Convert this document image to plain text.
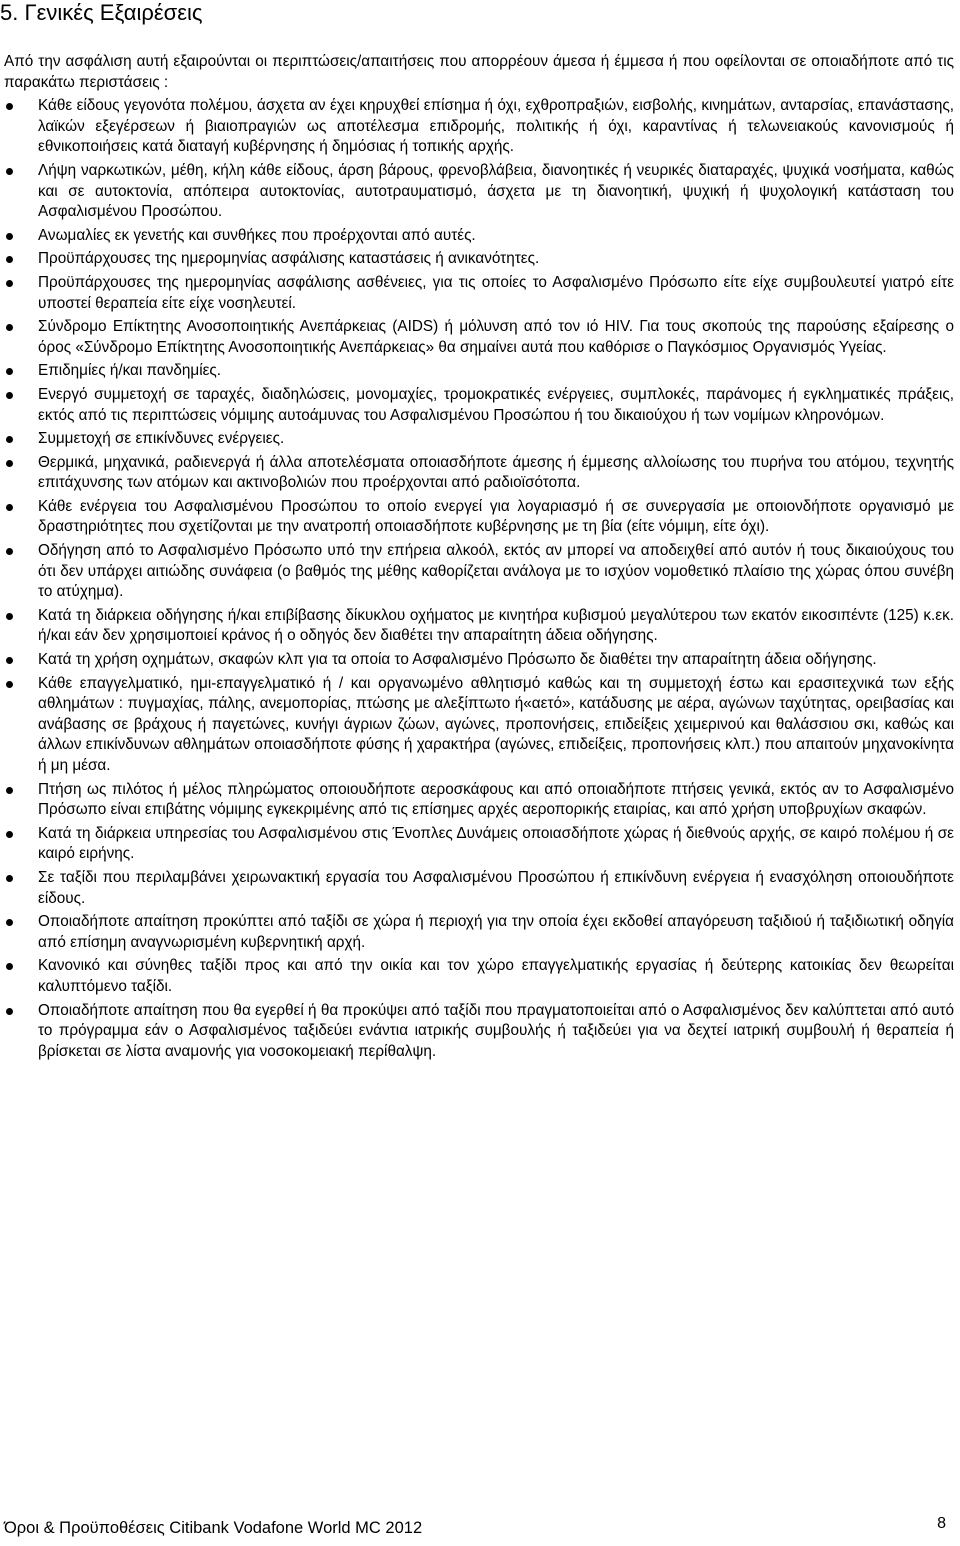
5. Γενικές Εξαιρέσεις

Από την ασφάλιση αυτή εξαιρούνται οι περιπτώσεις/απαιτήσεις που απορρέουν άμεσα ή έμμεσα ή που οφείλονται σε οποιαδήποτε από τις παρακάτω περιστάσεις :

Κάθε είδους γεγονότα πολέμου, άσχετα αν έχει κηρυχθεί επίσημα ή όχι, εχθροπραξιών, εισβολής, κινημάτων, ανταρσίας, επανάστασης, λαϊκών εξεγέρσεων ή βιαιοπραγιών ως αποτέλεσμα επιδρομής, πολιτικής ή όχι, καραντίνας ή τελωνειακούς κανονισμούς ή εθνικοποιήσεις κατά διαταγή κυβέρνησης ή δημόσιας ή τοπικής αρχής.
Λήψη ναρκωτικών, μέθη, κήλη κάθε είδους, άρση βάρους, φρενοβλάβεια, διανοητικές ή νευρικές διαταραχές, ψυχικά νοσήματα, καθώς και σε αυτοκτονία, απόπειρα αυτοκτονίας, αυτοτραυματισμό, άσχετα με τη διανοητική, ψυχική ή ψυχολογική κατάσταση του Ασφαλισμένου Προσώπου.
Ανωμαλίες εκ γενετής και συνθήκες που προέρχονται από αυτές.
Προϋπάρχουσες της ημερομηνίας ασφάλισης καταστάσεις ή ανικανότητες.
Προϋπάρχουσες της ημερομηνίας ασφάλισης ασθένειες, για τις οποίες το Ασφαλισμένο Πρόσωπο είτε είχε συμβουλευτεί γιατρό είτε υποστεί θεραπεία είτε είχε νοσηλευτεί.
Σύνδρομο Επίκτητης Ανοσοποιητικής Ανεπάρκειας (AIDS) ή μόλυνση από τον ιό HIV. Για τους σκοπούς της παρούσης εξαίρεσης ο όρος «Σύνδρομο Επίκτητης Ανοσοποιητικής Ανεπάρκειας» θα σημαίνει αυτά που καθόρισε ο Παγκόσμιος Οργανισμός Υγείας.
Επιδημίες ή/και πανδημίες.
Ενεργό συμμετοχή σε ταραχές, διαδηλώσεις, μονομαχίες, τρομοκρατικές ενέργειες, συμπλοκές, παράνομες ή εγκληματικές πράξεις, εκτός από τις περιπτώσεις νόμιμης αυτοάμυνας του Ασφαλισμένου Προσώπου ή του δικαιούχου ή των νομίμων κληρονόμων.
Συμμετοχή σε επικίνδυνες ενέργειες.
Θερμικά, μηχανικά, ραδιενεργά ή άλλα αποτελέσματα οποιασδήποτε άμεσης ή έμμεσης αλλοίωσης του πυρήνα του ατόμου, τεχνητής επιτάχυνσης των ατόμων και ακτινοβολιών που προέρχονται από ραδιοϊσότοπα.
Κάθε ενέργεια του Ασφαλισμένου Προσώπου το οποίο ενεργεί για λογαριασμό ή σε συνεργασία με οποιονδήποτε οργανισμό με δραστηριότητες που σχετίζονται με την ανατροπή οποιασδήποτε κυβέρνησης με τη βία (είτε νόμιμη, είτε όχι).
Οδήγηση από το Ασφαλισμένο Πρόσωπο υπό την επήρεια αλκοόλ, εκτός αν μπορεί να αποδειχθεί από αυτόν ή τους δικαιούχους του ότι δεν υπάρχει αιτιώδης συνάφεια (ο βαθμός της μέθης καθορίζεται ανάλογα με το ισχύον νομοθετικό πλαίσιο της χώρας όπου συνέβη το ατύχημα).
Κατά τη διάρκεια οδήγησης ή/και επιβίβασης δίκυκλου οχήματος με κινητήρα κυβισμού μεγαλύτερου των εκατόν εικοσιπέντε (125) κ.εκ. ή/και εάν δεν χρησιμοποιεί κράνος ή ο οδηγός δεν διαθέτει την απαραίτητη άδεια οδήγησης.
Κατά τη χρήση οχημάτων, σκαφών κλπ για τα οποία το Ασφαλισμένο Πρόσωπο δε διαθέτει την απαραίτητη άδεια οδήγησης.
Κάθε επαγγελματικό, ημι-επαγγελματικό ή / και οργανωμένο αθλητισμό καθώς και τη συμμετοχή έστω και ερασιτεχνικά των εξής αθλημάτων : πυγμαχίας, πάλης, ανεμοπορίας, πτώσης με αλεξίπτωτο ή«αετό», κατάδυσης με αέρα, αγώνων ταχύτητας, ορειβασίας και ανάβασης σε βράχους ή παγετώνες, κυνήγι άγριων ζώων, αγώνες, προπονήσεις, επιδείξεις χειμερινού και θαλάσσιου σκι, καθώς και άλλων επικίνδυνων αθλημάτων οποιασδήποτε φύσης ή χαρακτήρα (αγώνες, επιδείξεις, προπονήσεις κλπ.) που απαιτούν μηχανοκίνητα ή μη μέσα.
Πτήση ως πιλότος ή μέλος πληρώματος οποιουδήποτε αεροσκάφους και από οποιαδήποτε πτήσεις γενικά, εκτός αν το Ασφαλισμένο Πρόσωπο είναι επιβάτης νόμιμης εγκεκριμένης από τις επίσημες αρχές αεροπορικής εταιρίας, και από χρήση υποβρυχίων σκαφών.
Κατά τη διάρκεια υπηρεσίας του Ασφαλισμένου στις Ένοπλες Δυνάμεις οποιασδήποτε χώρας ή διεθνούς αρχής, σε καιρό πολέμου ή σε καιρό ειρήνης.
Σε ταξίδι που περιλαμβάνει χειρωνακτική εργασία του Ασφαλισμένου Προσώπου ή επικίνδυνη ενέργεια ή ενασχόληση οποιουδήποτε είδους.
Οποιαδήποτε απαίτηση προκύπτει από ταξίδι σε χώρα ή περιοχή για την οποία έχει εκδοθεί απαγόρευση ταξιδιού ή ταξιδιωτική οδηγία από επίσημη αναγνωρισμένη κυβερνητική αρχή.
Κανονικό και σύνηθες ταξίδι προς και από την οικία και τον χώρο επαγγελματικής εργασίας ή δεύτερης κατοικίας δεν θεωρείται καλυπτόμενο ταξίδι.
Οποιαδήποτε απαίτηση που θα εγερθεί ή θα προκύψει από ταξίδι που πραγματοποιείται από ο Ασφαλισμένος δεν καλύπτεται από αυτό το πρόγραμμα εάν ο Ασφαλισμένος ταξιδεύει ενάντια ιατρικής συμβουλής ή ταξιδεύει για να δεχτεί ιατρική συμβουλή ή θεραπεία ή βρίσκεται σε λίστα αναμονής για νοσοκομειακή περίθαλψη.
Όροι & Προϋποθέσεις Citibank Vodafone World MC 2012	8
